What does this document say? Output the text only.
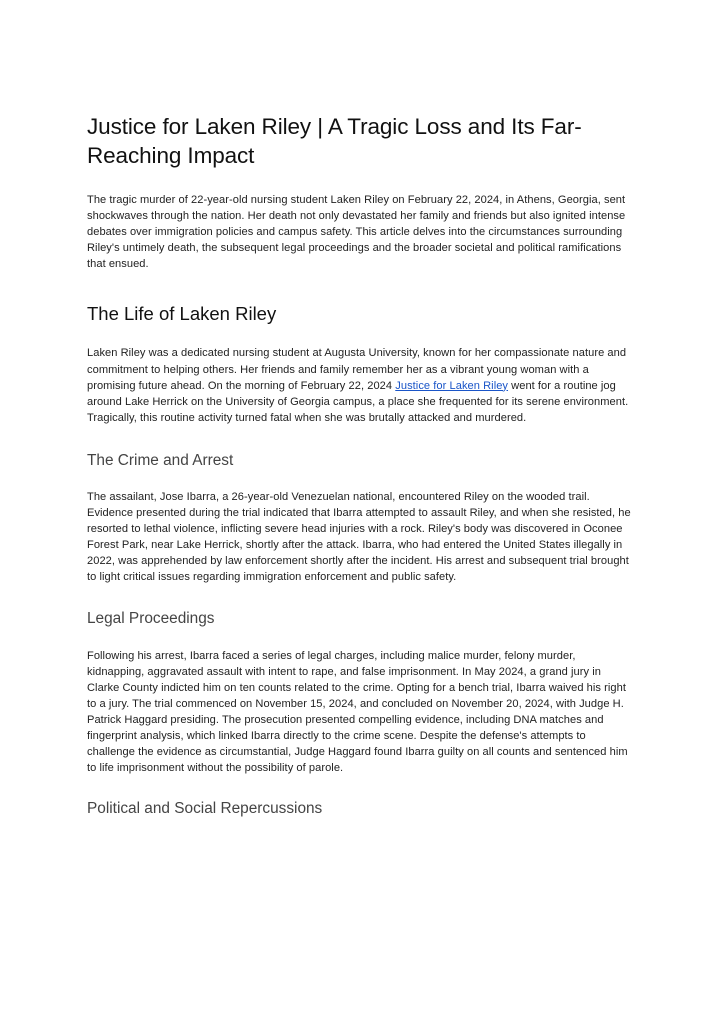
Justice for Laken Riley | A Tragic Loss and Its Far-Reaching Impact

The tragic murder of 22-year-old nursing student Laken Riley on February 22, 2024, in Athens, Georgia, sent shockwaves through the nation. Her death not only devastated her family and friends but also ignited intense debates over immigration policies and campus safety. This article delves into the circumstances surrounding Riley's untimely death, the subsequent legal proceedings and the broader societal and political ramifications that ensued.

The Life of Laken Riley

Laken Riley was a dedicated nursing student at Augusta University, known for her compassionate nature and commitment to helping others. Her friends and family remember her as a vibrant young woman with a promising future ahead. On the morning of February 22, 2024 Justice for Laken Riley went for a routine jog around Lake Herrick on the University of Georgia campus, a place she frequented for its serene environment. Tragically, this routine activity turned fatal when she was brutally attacked and murdered.

The Crime and Arrest

The assailant, Jose Ibarra, a 26-year-old Venezuelan national, encountered Riley on the wooded trail. Evidence presented during the trial indicated that Ibarra attempted to assault Riley, and when she resisted, he resorted to lethal violence, inflicting severe head injuries with a rock. Riley's body was discovered in Oconee Forest Park, near Lake Herrick, shortly after the attack. Ibarra, who had entered the United States illegally in 2022, was apprehended by law enforcement shortly after the incident. His arrest and subsequent trial brought to light critical issues regarding immigration enforcement and public safety.

Legal Proceedings

Following his arrest, Ibarra faced a series of legal charges, including malice murder, felony murder, kidnapping, aggravated assault with intent to rape, and false imprisonment. In May 2024, a grand jury in Clarke County indicted him on ten counts related to the crime. Opting for a bench trial, Ibarra waived his right to a jury. The trial commenced on November 15, 2024, and concluded on November 20, 2024, with Judge H. Patrick Haggard presiding. The prosecution presented compelling evidence, including DNA matches and fingerprint analysis, which linked Ibarra directly to the crime scene. Despite the defense's attempts to challenge the evidence as circumstantial, Judge Haggard found Ibarra guilty on all counts and sentenced him to life imprisonment without the possibility of parole.

Political and Social Repercussions
